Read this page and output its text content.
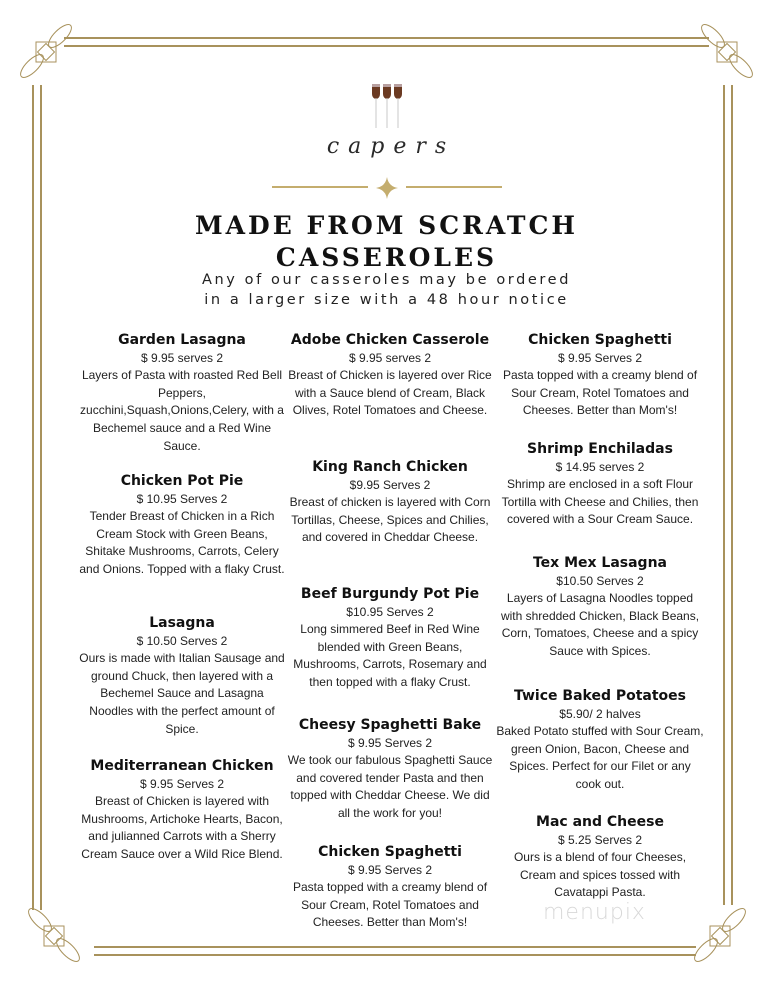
capers
MADE FROM SCRATCH
CASSEROLES
Any of our casseroles may be ordered
in a larger size with a 48 hour notice
Garden Lasagna
$ 9.95 serves 2
Layers of Pasta with roasted Red Bell Peppers, zucchini,Squash,Onions,Celery, with a Bechemel sauce and a Red Wine Sauce.
Chicken Pot Pie
$ 10.95 Serves 2
Tender Breast of Chicken in a Rich Cream Stock with Green Beans, Shitake Mushrooms, Carrots, Celery and Onions. Topped with a flaky Crust.
Lasagna
$ 10.50 Serves 2
Ours is made with Italian Sausage and ground Chuck, then layered with a Bechemel Sauce and Lasagna Noodles with the perfect amount of Spice.
Mediterranean Chicken
$ 9.95 Serves 2
Breast of Chicken is layered with Mushrooms, Artichoke Hearts, Bacon, and julianned Carrots with a Sherry Cream Sauce over a Wild Rice Blend.
Adobe Chicken Casserole
$ 9.95 serves 2
Breast of Chicken is layered over Rice with a Sauce blend of Cream, Black Olives, Rotel Tomatoes and Cheese.
King Ranch Chicken
$9.95 Serves 2
Breast of chicken is layered with Corn Tortillas, Cheese, Spices and Chilies, and covered in Cheddar Cheese.
Beef Burgundy Pot Pie
$10.95 Serves 2
Long simmered Beef in Red Wine blended with Green Beans, Mushrooms, Carrots, Rosemary and then topped with a flaky Crust.
Cheesy Spaghetti Bake
$ 9.95 Serves 2
We took our fabulous Spaghetti Sauce and covered tender Pasta and then topped with Cheddar Cheese. We did all the work for you!
Chicken Spaghetti
$ 9.95 Serves 2
Pasta topped with a creamy blend of Sour Cream, Rotel Tomatoes and Cheeses. Better than Mom's!
Chicken Spaghetti
$ 9.95 Serves 2
Pasta topped with a creamy blend of Sour Cream, Rotel Tomatoes and Cheeses. Better than Mom's!
Shrimp Enchiladas
$ 14.95 serves 2
Shrimp are enclosed in a soft Flour Tortilla with Cheese and Chilies, then covered with a Sour Cream Sauce.
Tex Mex Lasagna
$10.50 Serves 2
Layers of Lasagna Noodles topped with shredded Chicken, Black Beans, Corn, Tomatoes, Cheese and a spicy Sauce with Spices.
Twice Baked Potatoes
$5.90/ 2 halves
Baked Potato stuffed with Sour Cream, green Onion, Bacon, Cheese and Spices. Perfect for our Filet or any cook out.
Mac and Cheese
$ 5.25 Serves 2
Ours is a blend of four Cheeses, Cream and spices tossed with Cavatappi Pasta.
menupix
